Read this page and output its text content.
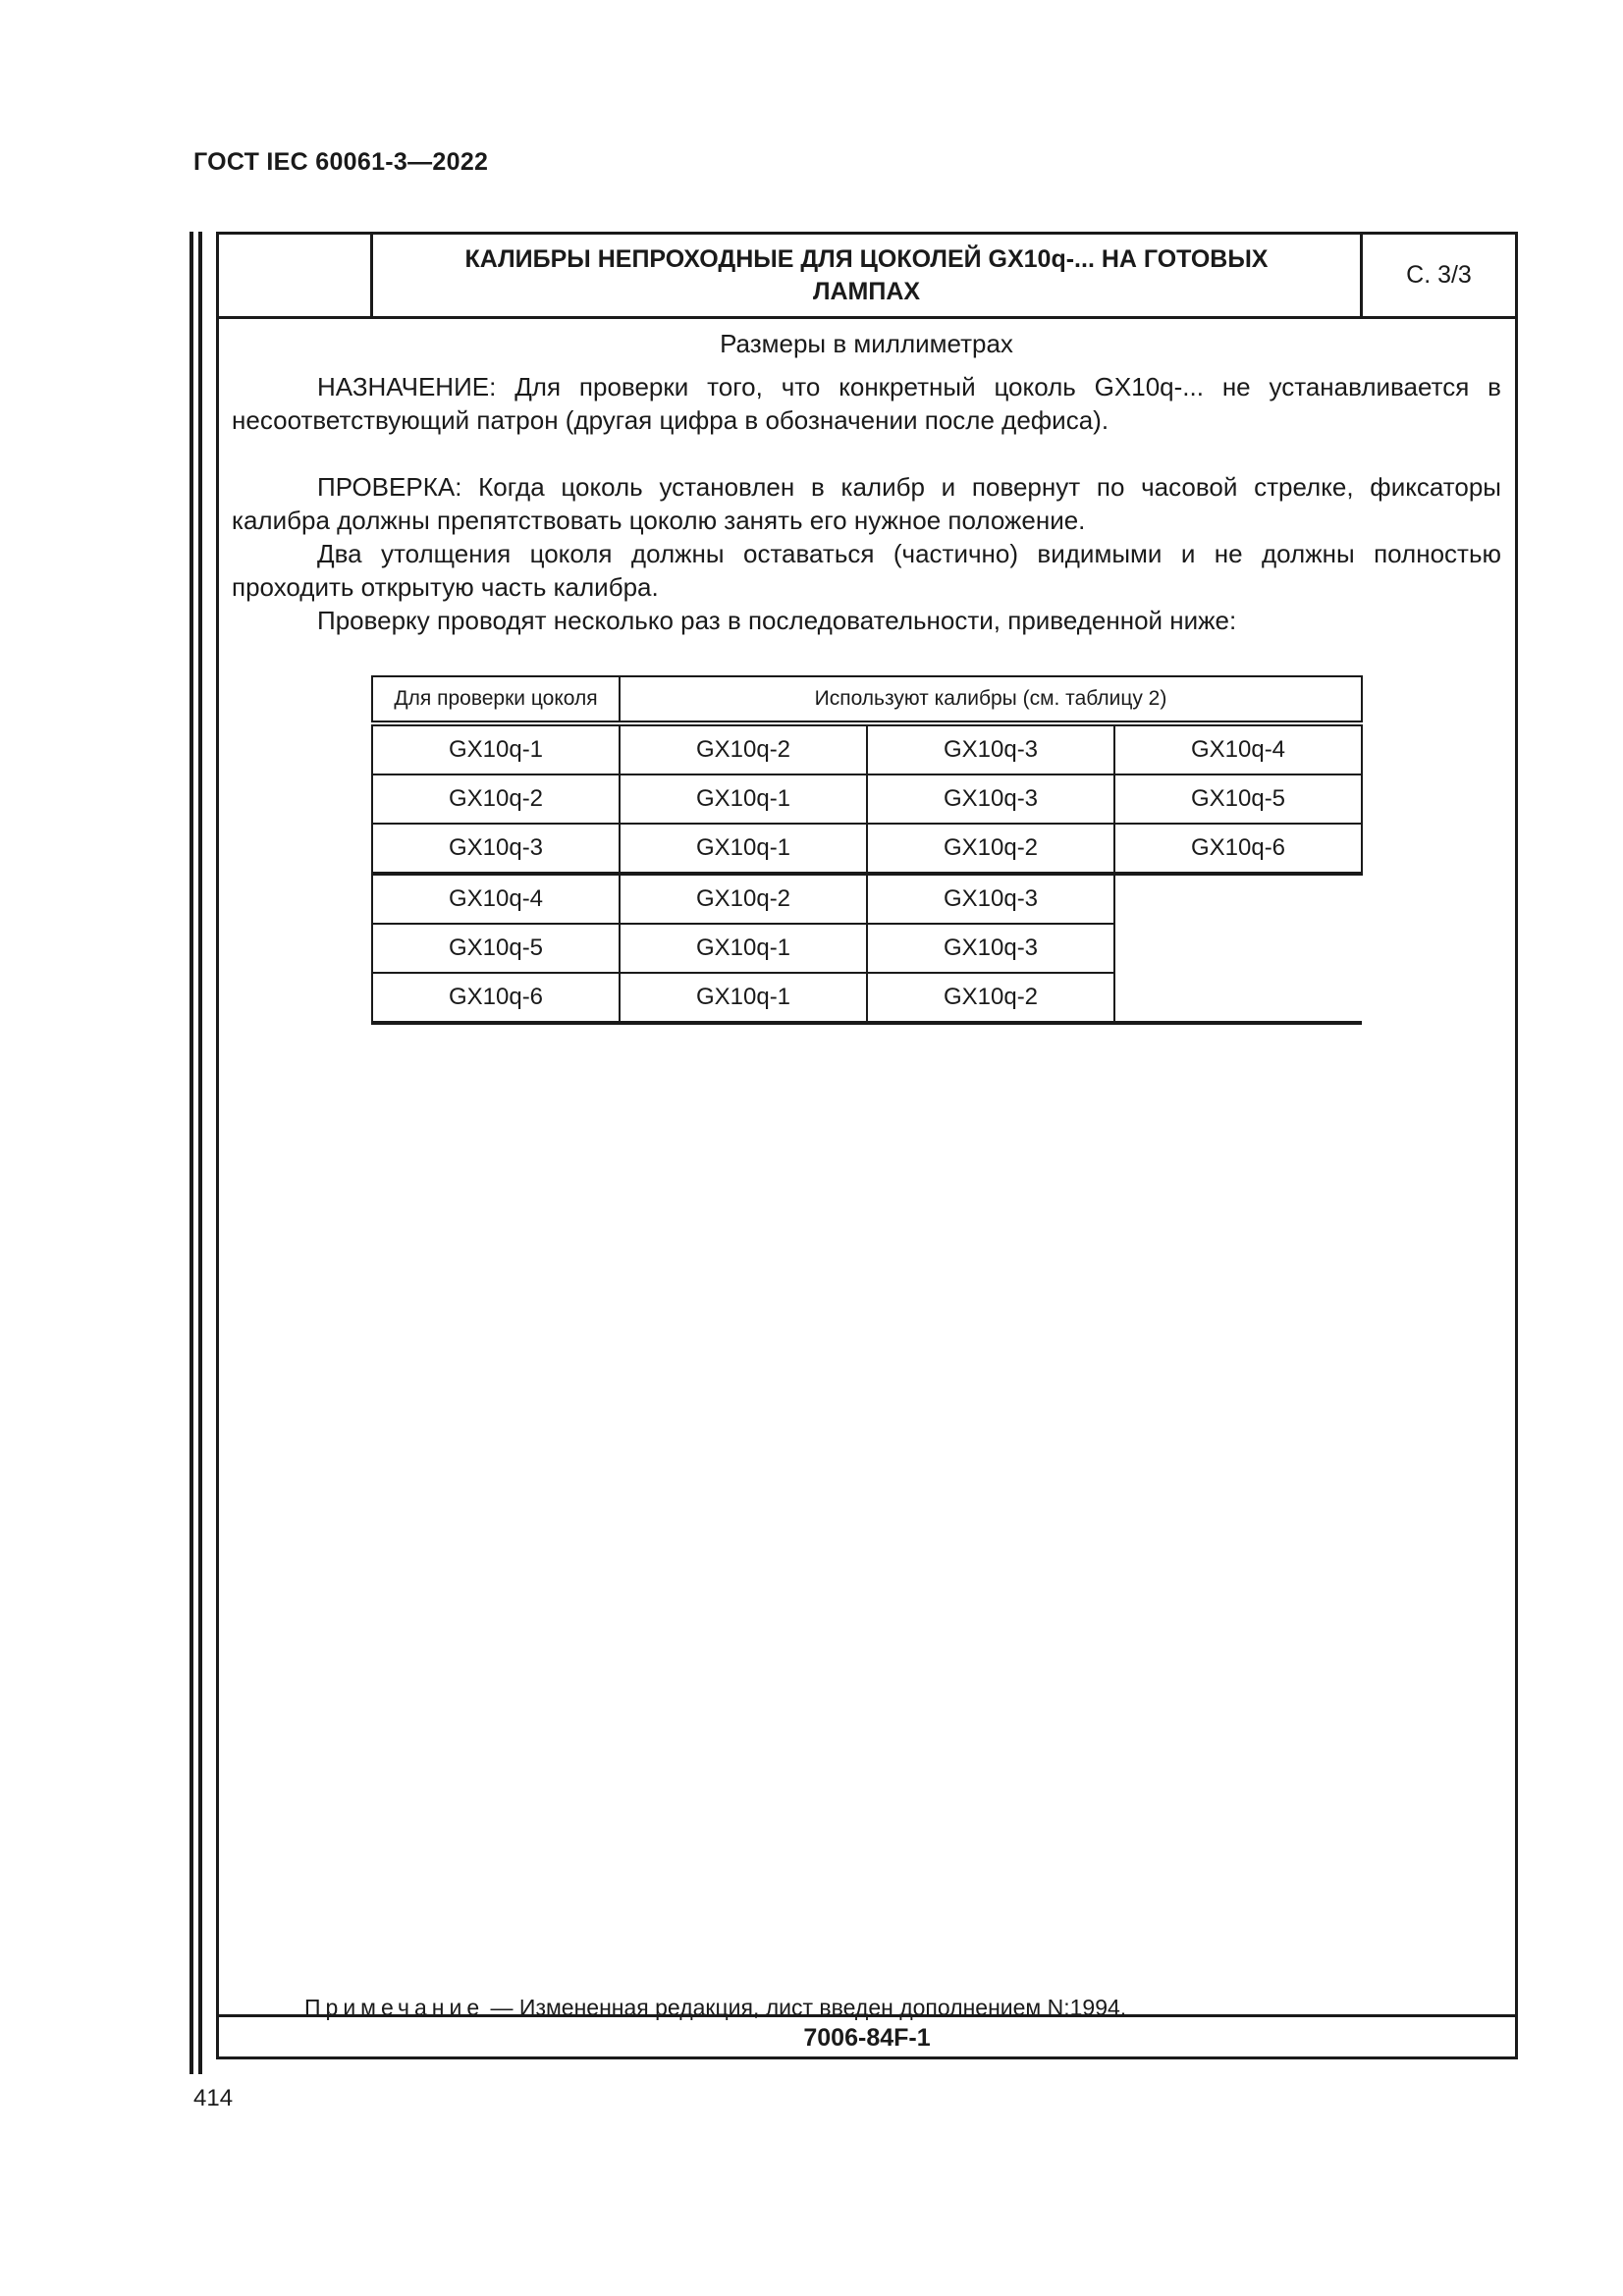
ГОСТ IEC 60061-3—2022
КАЛИБРЫ НЕПРОХОДНЫЕ ДЛЯ ЦОКОЛЕЙ GX10q-... НА ГОТОВЫХ ЛАМПАХ
С. 3/3
Размеры в миллиметрах

НАЗНАЧЕНИЕ: Для проверки того, что конкретный цоколь GX10q-... не устанавливается в несоответствующий патрон (другая цифра в обозначении после дефиса).

ПРОВЕРКА: Когда цоколь установлен в калибр и повернут по часовой стрелке, фиксаторы калибра должны препятствовать цоколю занять его нужное положение.

Два утолщения цоколя должны оставаться (частично) видимыми и не должны полностью проходить открытую часть калибра.

Проверку проводят несколько раз в последовательности, приведенной ниже:

Для проверки цоколя	Используют калибры (см. таблицу 2)		
GX10q-1	GX10q-2	GX10q-3	GX10q-4
GX10q-2	GX10q-1	GX10q-3	GX10q-5
GX10q-3	GX10q-1	GX10q-2	GX10q-6
GX10q-4	GX10q-2	GX10q-3	
GX10q-5	GX10q-1	GX10q-3	
GX10q-6	GX10q-1	GX10q-2	
Примечание — Измененная редакция, лист введен дополнением N:1994.
7006-84F-1
414
